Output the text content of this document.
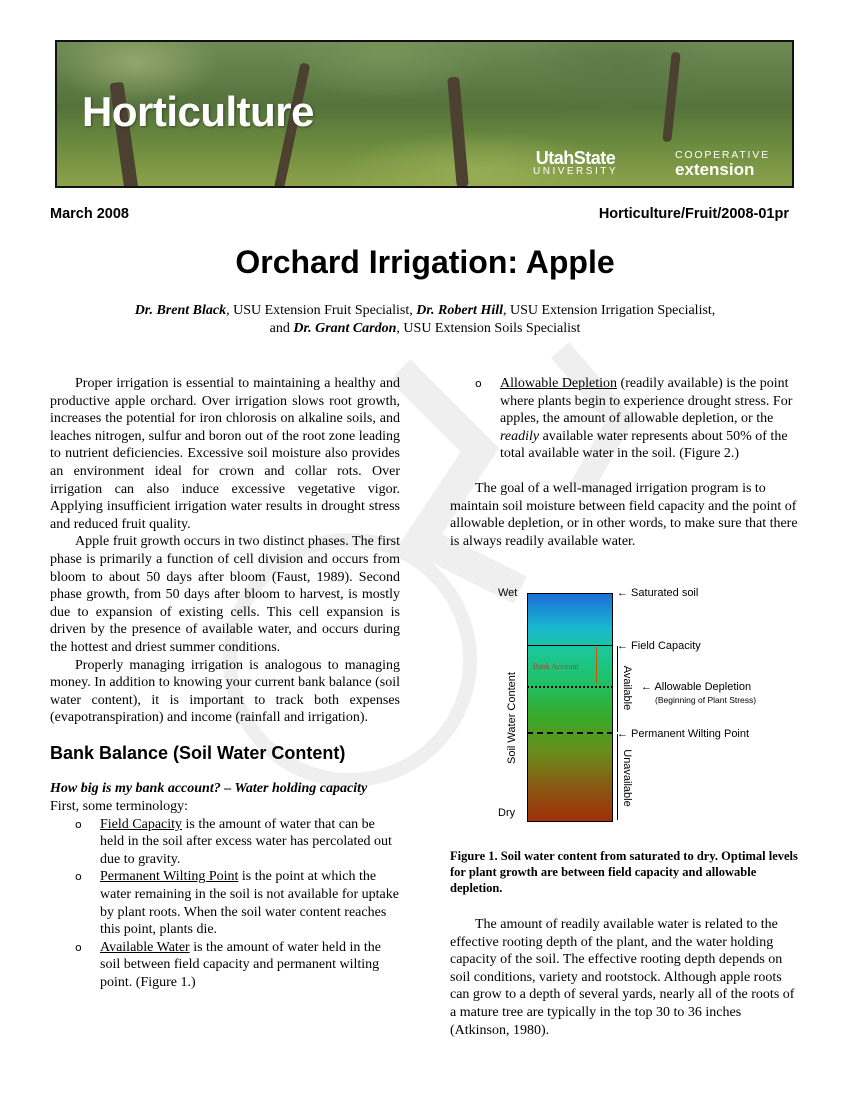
Horticulture
UtahState
UNIVERSITY
COOPERATIVE
extension
March 2008	Horticulture/Fruit/2008-01pr
Orchard Irrigation: Apple
Dr. Brent Black, USU Extension Fruit Specialist, Dr. Robert Hill, USU Extension Irrigation Specialist,
and Dr. Grant Cardon, USU Extension Soils Specialist

Proper irrigation is essential to maintaining a healthy and productive apple orchard. Over irrigation slows root growth, increases the potential for iron chlorosis on alkaline soils, and leaches nitrogen, sulfur and boron out of the root zone leading to nutrient deficiencies. Excessive soil moisture also provides an environment ideal for crown and collar rots. Over irrigation can also induce excessive vegetative vigor. Applying insufficient irrigation water results in drought stress and reduced fruit quality.

Apple fruit growth occurs in two distinct phases. The first phase is primarily a function of cell division and occurs from bloom to about 50 days after bloom (Faust, 1989). Second phase growth, from 50 days after bloom to harvest, is mostly due to expansion of existing cells. This cell expansion is driven by the presence of available water, and occurs during the hottest and driest summer conditions.

Properly managing irrigation is analogous to managing money. In addition to knowing your current bank balance (soil water content), it is important to track both expenses (evapotranspiration) and income (rainfall and irrigation).

Bank Balance (Soil Water Content)

How big is my bank account? – Water holding capacity

First, some terminology:

o Field Capacity is the amount of water that can be held in the soil after excess water has percolated out due to gravity.
o Permanent Wilting Point is the point at which the water remaining in the soil is not available for uptake by plant roots. When the soil water content reaches this point, plants die.
o Available Water is the amount of water held in the soil between field capacity and permanent wilting point. (Figure 1.)
o Allowable Depletion (readily available) is the point where plants begin to experience drought stress. For apples, the amount of allowable depletion, or the readily available water represents about 50% of the total available water in the soil. (Figure 2.)

The goal of a well-managed irrigation program is to maintain soil moisture between field capacity and the point of allowable depletion, or in other words, to make sure that there is always readily available water.

Wet
Dry
Soil Water Content
Bank Account	Available
Unavailable
← Saturated soil
← Field Capacity
← Allowable Depletion
(Beginning of Plant Stress)
← Permanent Wilting Point
Figure 1. Soil water content from saturated to dry. Optimal levels for plant growth are between field capacity and allowable depletion.

The amount of readily available water is related to the effective rooting depth of the plant, and the water holding capacity of the soil. The effective rooting depth depends on soil conditions, variety and rootstock. Although apple roots can grow to a depth of several yards, nearly all of the roots of a mature tree are typically in the top 30 to 36 inches (Atkinson, 1980).
